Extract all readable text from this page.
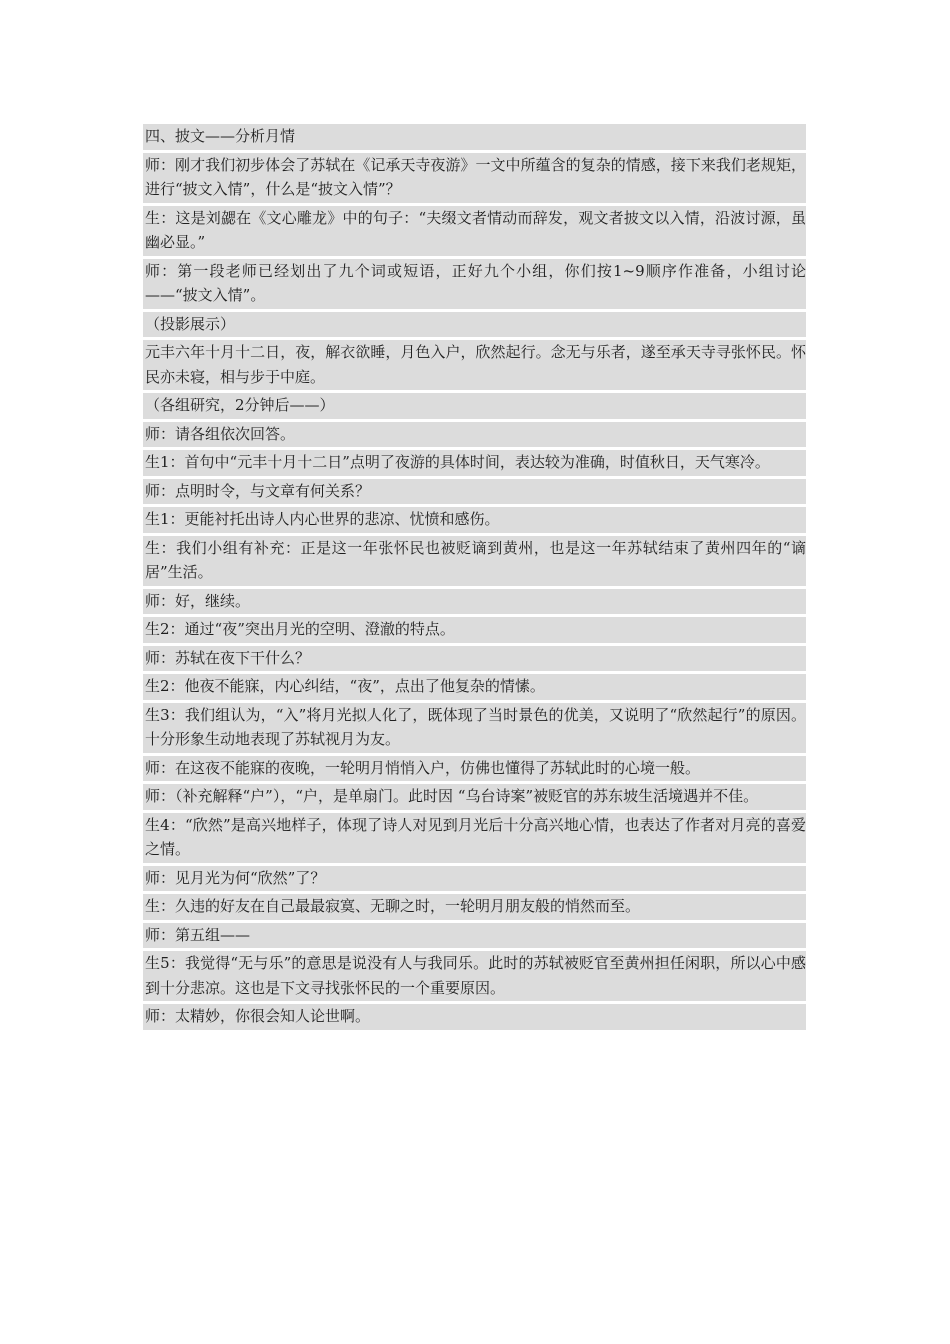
四、披文——分析月情

师：刚才我们初步体会了苏轼在《记承天寺夜游》一文中所蕴含的复杂的情感，接下来我们老规矩，进行“披文入情”，什么是“披文入情”？

生：这是刘勰在《文心雕龙》中的句子：“夫缀文者情动而辞发，观文者披文以入情，沿波讨源，虽幽必显。”

师：第一段老师已经划出了九个词或短语，正好九个小组，你们按1~9顺序作准备，小组讨论——“披文入情”。

（投影展示）

元丰六年十月十二日，夜，解衣欲睡，月色入户，欣然起行。念无与乐者，遂至承天寺寻张怀民。怀民亦未寝，相与步于中庭。

（各组研究，2分钟后——）

师：请各组依次回答。

生1：首句中“元丰十月十二日”点明了夜游的具体时间，表达较为准确，时值秋日，天气寒冷。

师：点明时令，与文章有何关系？

生1：更能衬托出诗人内心世界的悲凉、忧愤和感伤。

生：我们小组有补充：正是这一年张怀民也被贬谪到黄州，也是这一年苏轼结束了黄州四年的“谪居”生活。

师：好，继续。

生2：通过“夜”突出月光的空明、澄澈的特点。

师：苏轼在夜下干什么？

生2：他夜不能寐，内心纠结，“夜”，点出了他复杂的情愫。

生3：我们组认为，“入”将月光拟人化了，既体现了当时景色的优美，又说明了“欣然起行”的原因。十分形象生动地表现了苏轼视月为友。

师：在这夜不能寐的夜晚，一轮明月悄悄入户，仿佛也懂得了苏轼此时的心境一般。

师：（补充解释“户”），“户，是单扇门。此时因 “乌台诗案”被贬官的苏东坡生活境遇并不佳。

生4：“欣然”是高兴地样子，体现了诗人对见到月光后十分高兴地心情，也表达了作者对月亮的喜爱之情。

师：见月光为何“欣然”了？

生：久违的好友在自己最最寂寞、无聊之时，一轮明月朋友般的悄然而至。

师：第五组——

生5：我觉得“无与乐”的意思是说没有人与我同乐。此时的苏轼被贬官至黄州担任闲职，所以心中感到十分悲凉。这也是下文寻找张怀民的一个重要原因。

师：太精妙，你很会知人论世啊。
